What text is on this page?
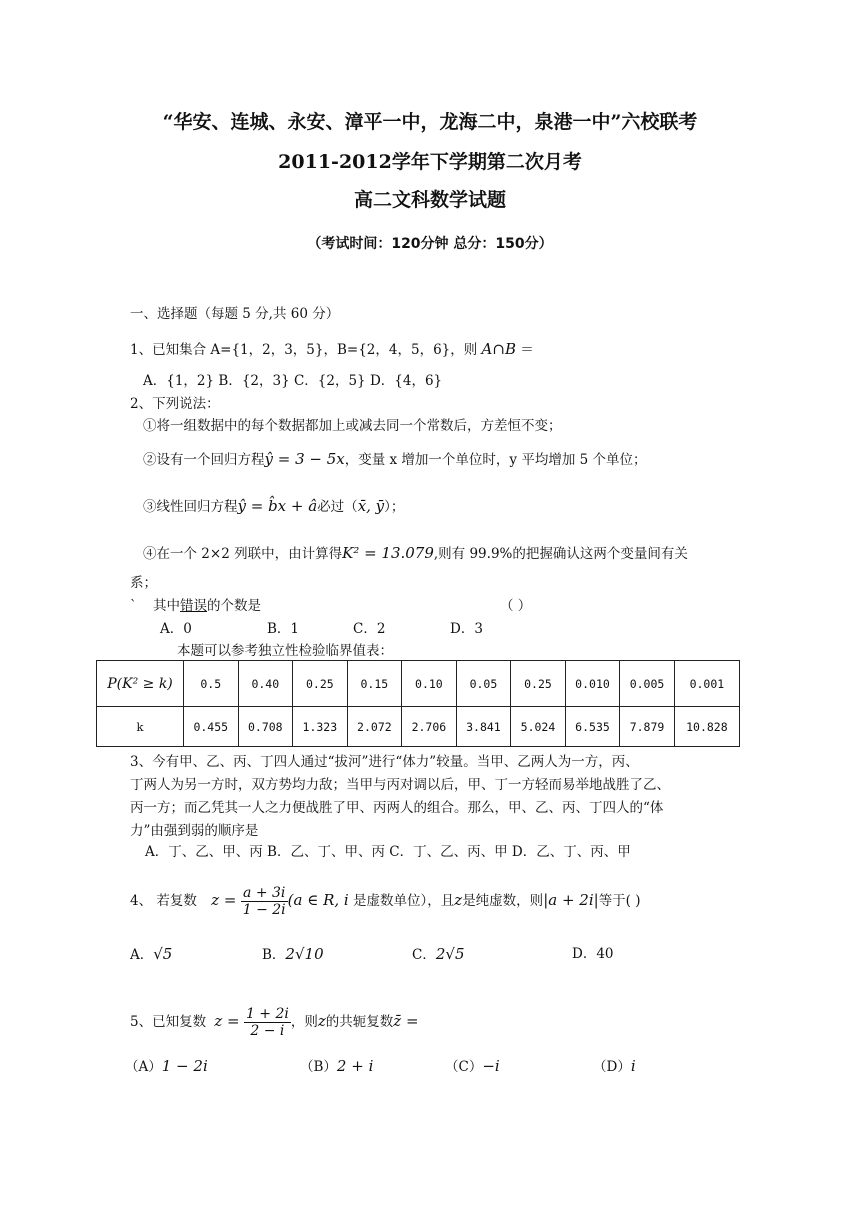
“华安、连城、永安、漳平一中，龙海二中，泉港一中”六校联考
2011-2012学年下学期第二次月考
高二文科数学试题
（考试时间：120分钟 总分：150分）
一、选择题（每题 5 分,共 60 分）
1、已知集合 A={1，2，3，5}，B={2，4，5，6}，则 A∩B ＝
A．{1，2} B．{2，3} C．{2，5} D．{4，6}
2、下列说法：
①将一组数据中的每个数据都加上或减去同一个常数后，方差恒不变；
②设有一个回归方程ŷ = 3 − 5x，变量 x 增加一个单位时，y 平均增加 5 个单位；
③线性回归方程ŷ = b̂x + â必过（x̄, ȳ）；
④在一个 2×2 列联中，由计算得K² = 13.079,则有 99.9%的把握确认这两个变量间有关
系；
` 其中错误的个数是	（ ）
A．0	B．1	C．2	D．3
本题可以参考独立性检验临界值表：
P(K² ≥ k)	0.5	0.40	0.25	0.15	0.10	0.05	0.25	0.010	0.005	0.001
k	0.455	0.708	1.323	2.072	2.706	3.841	5.024	6.535	7.879	10.828
3、今有甲、乙、丙、丁四人通过“拔河”进行“体力”较量。当甲、乙两人为一方，丙、
丁两人为另一方时，双方势均力敌；当甲与丙对调以后，甲、丁一方轻而易举地战胜了乙、
丙一方；而乙凭其一人之力便战胜了甲、丙两人的组合。那么，甲、乙、丙、丁四人的“体
力”由强到弱的顺序是
A．丁、乙、甲、丙 B．乙、丁、甲、丙 C．丁、乙、丙、甲 D．乙、丁、丙、甲
4、 若复数 $z = \frac{a + 3i}{1 - 2i} (a$ ∈ R, i 是虚数单位），且z是纯虚数，则|a + 2i|等于( )
A．√5	B．2√10	C．2√5	D．40
5、已知复数 $z = \frac{1 + 2i}{2 - i}$ ，则z的共轭复数z̄ =
（A）1 − 2i	（B）2 + i	（C）−i	（D）i
